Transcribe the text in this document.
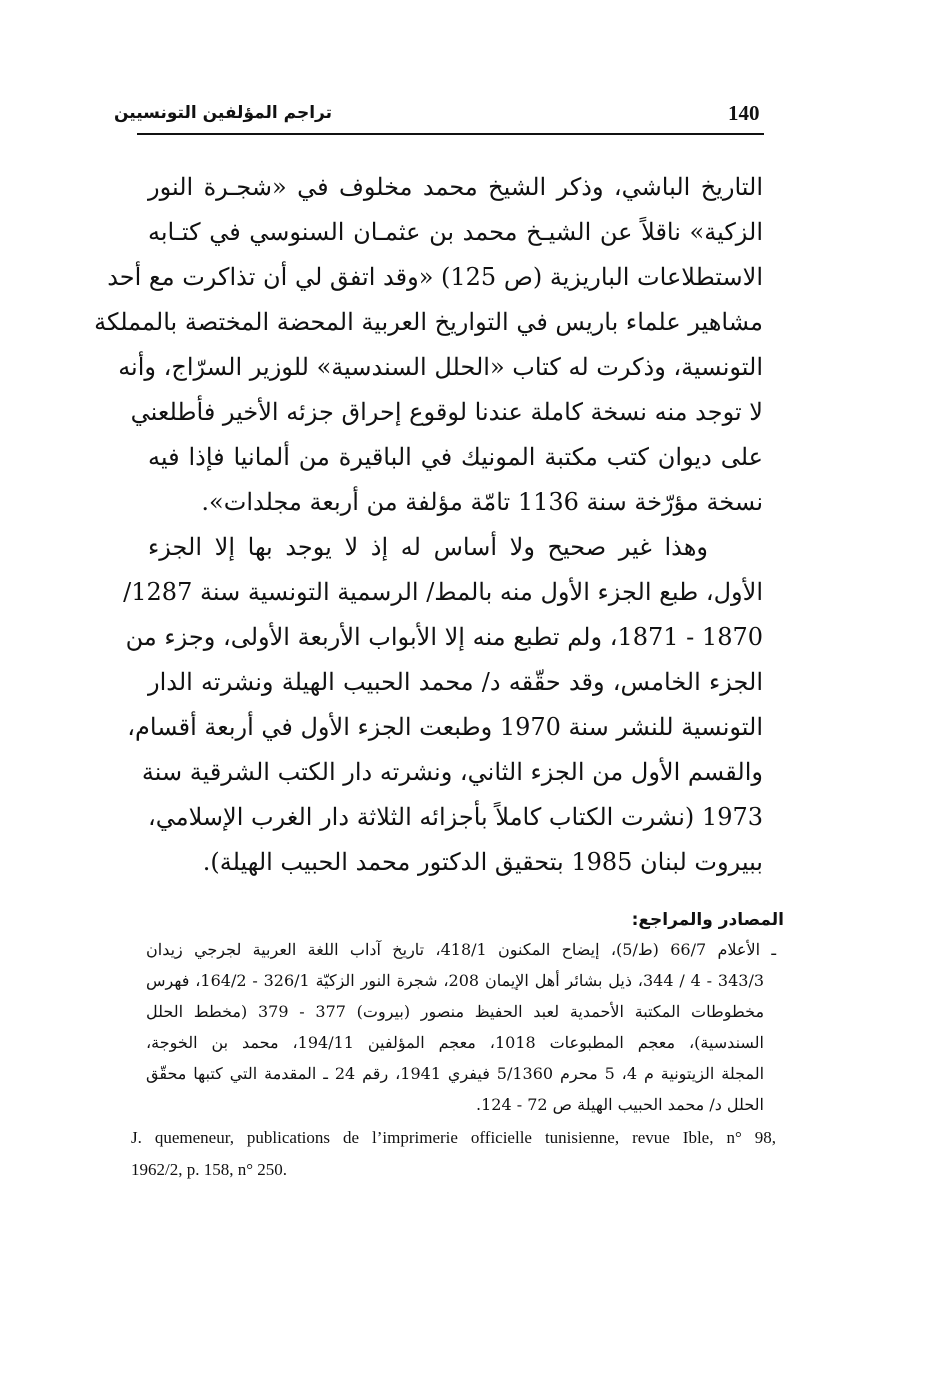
140
تراجم المؤلفين التونسيين
التاريخ الباشي، وذكر الشيخ محمد مخلوف في «شجـرة النور
الزكية» ناقلاً عن الشيـخ محمد بن عثمـان السنوسي في كتـابه
الاستطلاعات الباريزية (ص 125) «وقد اتفق لي أن تذاكرت مع أحد
مشاهير علماء باريس في التواريخ العربية المحضة المختصة بالمملكة
التونسية، وذكرت له كتاب «الحلل السندسية» للوزير السرّاج، وأنه
لا توجد منه نسخة كاملة عندنا لوقوع إحراق جزئه الأخير فأطلعني
على ديوان كتب مكتبة المونيك في الباقيرة من ألمانيا فإذا فيه
نسخة مؤرّخة سنة 1136 تامّة مؤلفة من أربعة مجلدات».
وهذا غير صحيح ولا أساس له إذ لا يوجد بها إلا الجزء
الأول، طبع الجزء الأول منه بالمط/ الرسمية التونسية سنة 1287/
1870 - 1871، ولم تطبع منه إلا الأبواب الأربعة الأولى، وجزء من
الجزء الخامس، وقد حقّقه د/ محمد الحبيب الهيلة ونشرته الدار
التونسية للنشر سنة 1970 وطبعت الجزء الأول في أربعة أقسام،
والقسم الأول من الجزء الثاني، ونشرته دار الكتب الشرقية سنة
1973 (نشرت الكتاب كاملاً بأجزائه الثلاثة دار الغرب الإسلامي،
ببيروت لبنان 1985 بتحقيق الدكتور محمد الحبيب الهيلة).
المصادر والمراجع:
ـ الأعلام 66/7 (ط/5)، إيضاح المكنون 418/1، تاريخ آداب اللغة العربية لجرجي زيدان
343/3 - 4 / 344، ذيل بشائر أهل الإيمان 208، شجرة النور الزكيّة 326/1 - 164/2، فهرس
مخطوطات المكتبة الأحمدية لعبد الحفيظ منصور (بيروت) 377 - 379 (مخطط الحلل
السندسية)، معجم المطبوعات 1018، معجم المؤلفين 194/11، محمد بن الخوجة،
المجلة الزيتونية م 4، 5 محرم 5/1360 فيفري 1941، رقم 24 ـ المقدمة التي كتبها محقّق
الحلل د/ محمد الحبيب الهيلة ص 72 - 124.
J. quemeneur, publications de l’imprimerie officielle tunisienne, revue Ible, n° 98,
1962/2, p. 158, n° 250.
